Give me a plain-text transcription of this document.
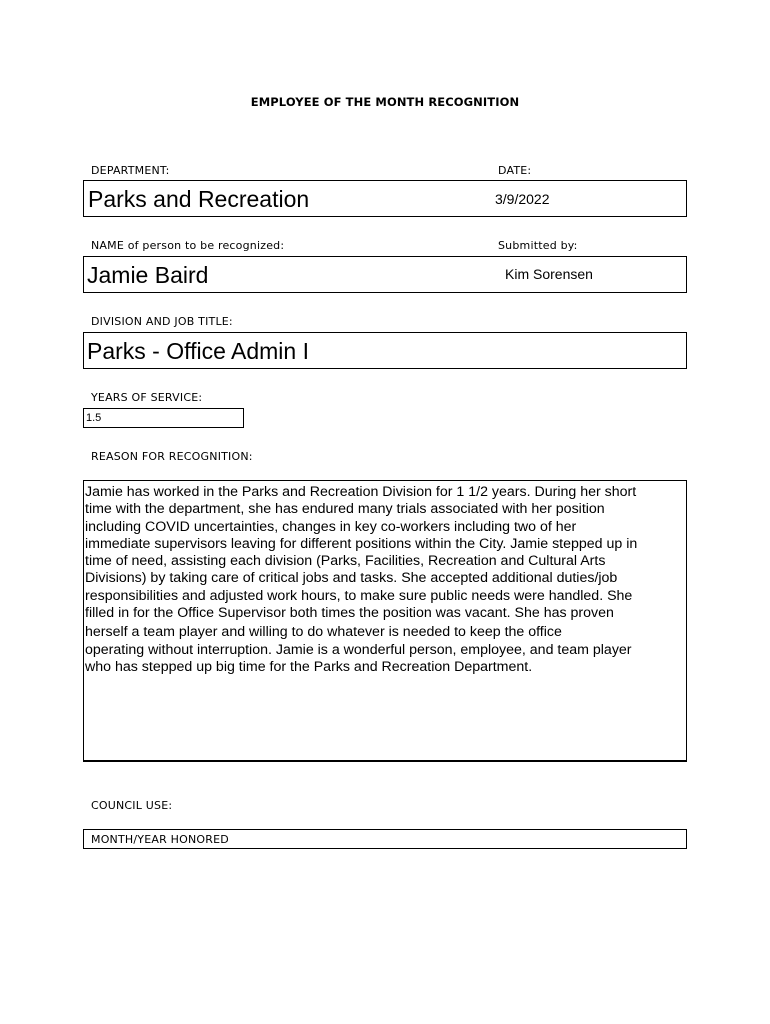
EMPLOYEE OF THE MONTH RECOGNITION
DEPARTMENT:	DATE:
Parks and Recreation	3/9/2022
NAME of person to be recognized:	Submitted by:
Jamie Baird	Kim Sorensen
DIVISION AND JOB TITLE:
Parks - Office Admin I
YEARS OF SERVICE:
1.5
REASON FOR RECOGNITION:
Jamie has worked in the Parks and Recreation Division for 1 1/2 years. During her short
time with the department, she has endured many trials associated with her position
including COVID uncertainties, changes in key co-workers including two of her
immediate supervisors leaving for different positions within the City. Jamie stepped up in
time of need, assisting each division (Parks, Facilities, Recreation and Cultural Arts
Divisions) by taking care of critical jobs and tasks. She accepted additional duties/job
responsibilities and adjusted work hours, to make sure public needs were handled. She
filled in for the Office Supervisor both times the position was vacant. She has proven
herself a team player and willing to do whatever is needed to keep the office
operating without interruption. Jamie is a wonderful person, employee, and team player
who has stepped up big time for the Parks and Recreation Department.
COUNCIL USE:
MONTH/YEAR HONORED
